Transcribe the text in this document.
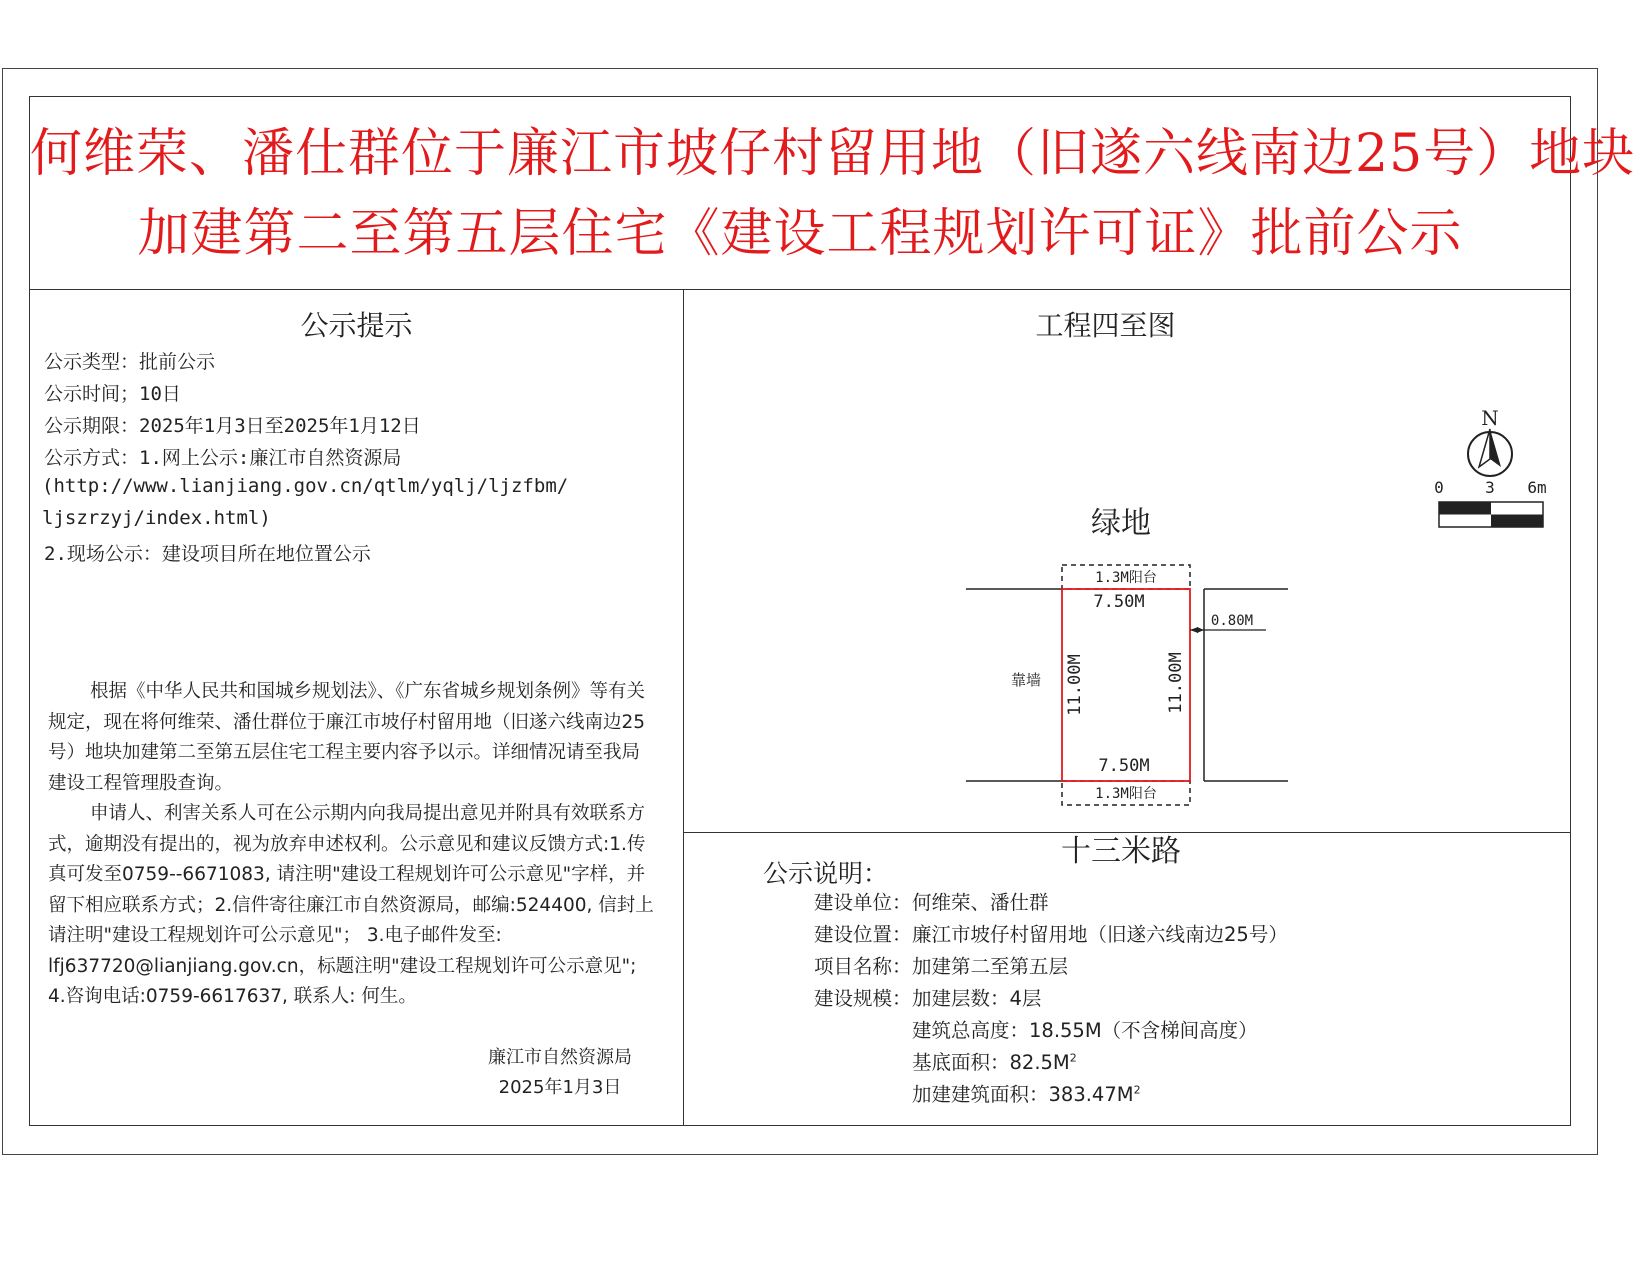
何维荣、潘仕群位于廉江市坡仔村留用地（旧遂六线南边25号）地块
加建第二至第五层住宅《建设工程规划许可证》批前公示
公示提示
公示类型：批前公示
公示时间；10日
公示期限：2025年1月3日至2025年1月12日
公示方式：1.网上公示:廉江市自然资源局
(http://www.lianjiang.gov.cn/qtlm/yqlj/ljzfbm/
ljszrzyj/index.html)
2.现场公示：建设项目所在地位置公示
根据《中华人民共和国城乡规划法》、《广东省城乡规划条例》等有关规定，现在将何维荣、潘仕群位于廉江市坡仔村留用地（旧遂六线南边25号）地块加建第二至第五层住宅工程主要内容予以示。详细情况请至我局建设工程管理股查询。
申请人、利害关系人可在公示期内向我局提出意见并附具有效联系方式，逾期没有提出的，视为放弃申述权利。公示意见和建议反馈方式:1.传真可发至0759--6671083, 请注明"建设工程规划许可公示意见"字样，并留下相应联系方式；2.信件寄往廉江市自然资源局，邮编:524400, 信封上请注明"建设工程规划许可公示意见"； 3.电子邮件发至: lfj637720@lianjiang.gov.cn，标题注明"建设工程规划许可公示意见"; 4.咨询电话:0759-6617637, 联系人: 何生。
廉江市自然资源局
2025年1月3日
工程四至图
N
0	3 6m
绿地
十三米路
靠墙
1.3M阳台
1.3M阳台
7.50M
7.50M
11.00M	11.00M
0.80M
公示说明：
建设单位： 何维荣、潘仕群
建设位置： 廉江市坡仔村留用地（旧遂六线南边25号）
项目名称： 加建第二至第五层
建设规模： 加建层数：4层
建筑总高度：18.55M（不含梯间高度）
基底面积：$82.5M^2$
加建建筑面积：$383.47M^2$
